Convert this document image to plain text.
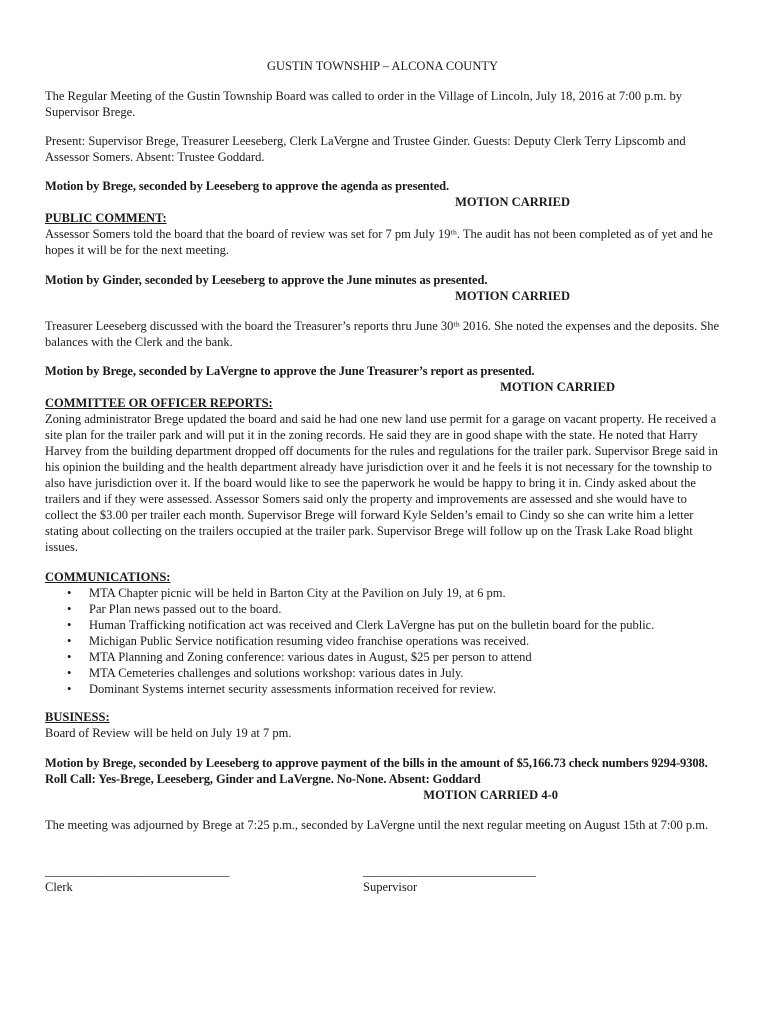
GUSTIN TOWNSHIP – ALCONA COUNTY

The Regular Meeting of the Gustin Township Board was called to order in the Village of Lincoln, July 18, 2016 at 7:00 p.m. by Supervisor Brege.

Present: Supervisor Brege, Treasurer Leeseberg, Clerk LaVergne and Trustee Ginder. Guests: Deputy Clerk Terry Lipscomb and Assessor Somers. Absent: Trustee Goddard.

Motion by Brege, seconded by Leeseberg to approve the agenda as presented.

MOTION CARRIED

PUBLIC COMMENT:

Assessor Somers told the board that the board of review was set for 7 pm July 19ᵗʰ. The audit has not been completed as of yet and he hopes it will be for the next meeting.

Motion by Ginder, seconded by Leeseberg to approve the June minutes as presented.

MOTION CARRIED

Treasurer Leeseberg discussed with the board the Treasurer’s reports thru June 30ᵗʰ 2016. She noted the expenses and the deposits. She balances with the Clerk and the bank.

Motion by Brege, seconded by LaVergne to approve the June Treasurer’s report as presented.

MOTION CARRIED

COMMITTEE OR OFFICER REPORTS:

Zoning administrator Brege updated the board and said he had one new land use permit for a garage on vacant property. He received a site plan for the trailer park and will put it in the zoning records. He said they are in good shape with the state. He noted that Harry Harvey from the building department dropped off documents for the rules and regulations for the trailer park. Supervisor Brege said in his opinion the building and the health department already have jurisdiction over it and he feels it is not necessary for the township to also have jurisdiction over it. If the board would like to see the paperwork he would be happy to bring it in. Cindy asked about the trailers and if they were assessed. Assessor Somers said only the property and improvements are assessed and she would have to collect the $3.00 per trailer each month. Supervisor Brege will forward Kyle Selden’s email to Cindy so she can write him a letter stating about collecting on the trailers occupied at the trailer park. Supervisor Brege will follow up on the Trask Lake Road blight issues.

COMMUNICATIONS:

• MTA Chapter picnic will be held in Barton City at the Pavilion on July 19, at 6 pm.
• Par Plan news passed out to the board.
• Human Trafficking notification act was received and Clerk LaVergne has put on the bulletin board for the public.
• Michigan Public Service notification resuming video franchise operations was received.
• MTA Planning and Zoning conference: various dates in August, $25 per person to attend
• MTA Cemeteries challenges and solutions workshop: various dates in July.
• Dominant Systems internet security assessments information received for review.

BUSINESS:

Board of Review will be held on July 19 at 7 pm.

Motion by Brege, seconded by Leeseberg to approve payment of the bills in the amount of $5,166.73 check numbers 9294-9308. Roll Call: Yes-Brege, Leeseberg, Ginder and LaVergne. No-None. Absent: Goddard

MOTION CARRIED 4-0

The meeting was adjourned by Brege at 7:25 p.m., seconded by LaVergne until the next regular meeting on August 15th at 7:00 p.m.

________________________________
Clerk
______________________________
Supervisor
